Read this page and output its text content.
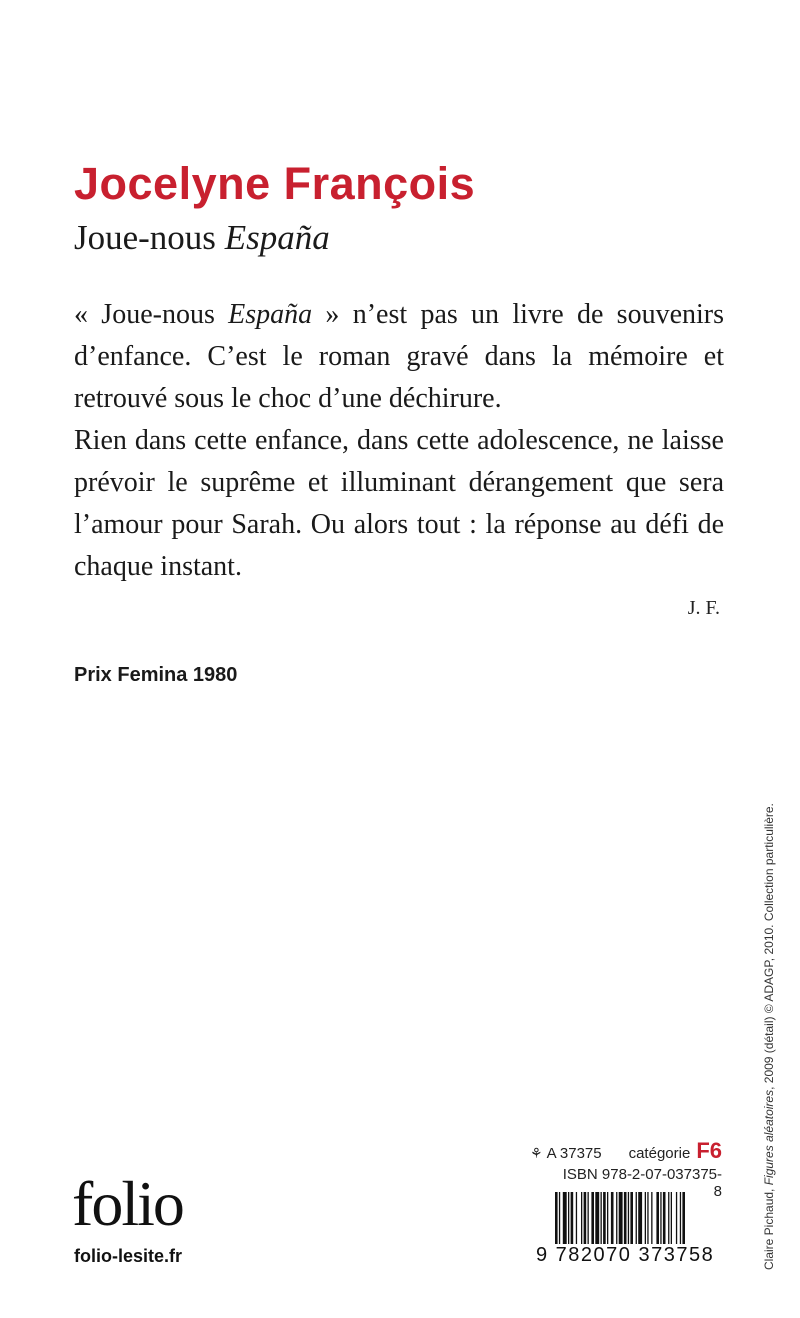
Jocelyne François
Joue-nous España

« Joue-nous España » n’est pas un livre de souvenirs d’enfance. C’est le roman gravé dans la mémoire et retrouvé sous le choc d’une déchirure.

Rien dans cette enfance, dans cette adolescence, ne laisse prévoir le suprême et illuminant dérangement que sera l’amour pour Sarah. Ou alors tout : la réponse au défi de chaque instant.

J. F.
Prix Femina 1980
Claire Pichaud, Figures aléatoires, 2009 (détail) © ADAGP, 2010. Collection particulière.
⚘ A 37375 catégorie F6
ISBN 978-2-07-037375-8
9 782070 373758
folio
folio-lesite.fr
